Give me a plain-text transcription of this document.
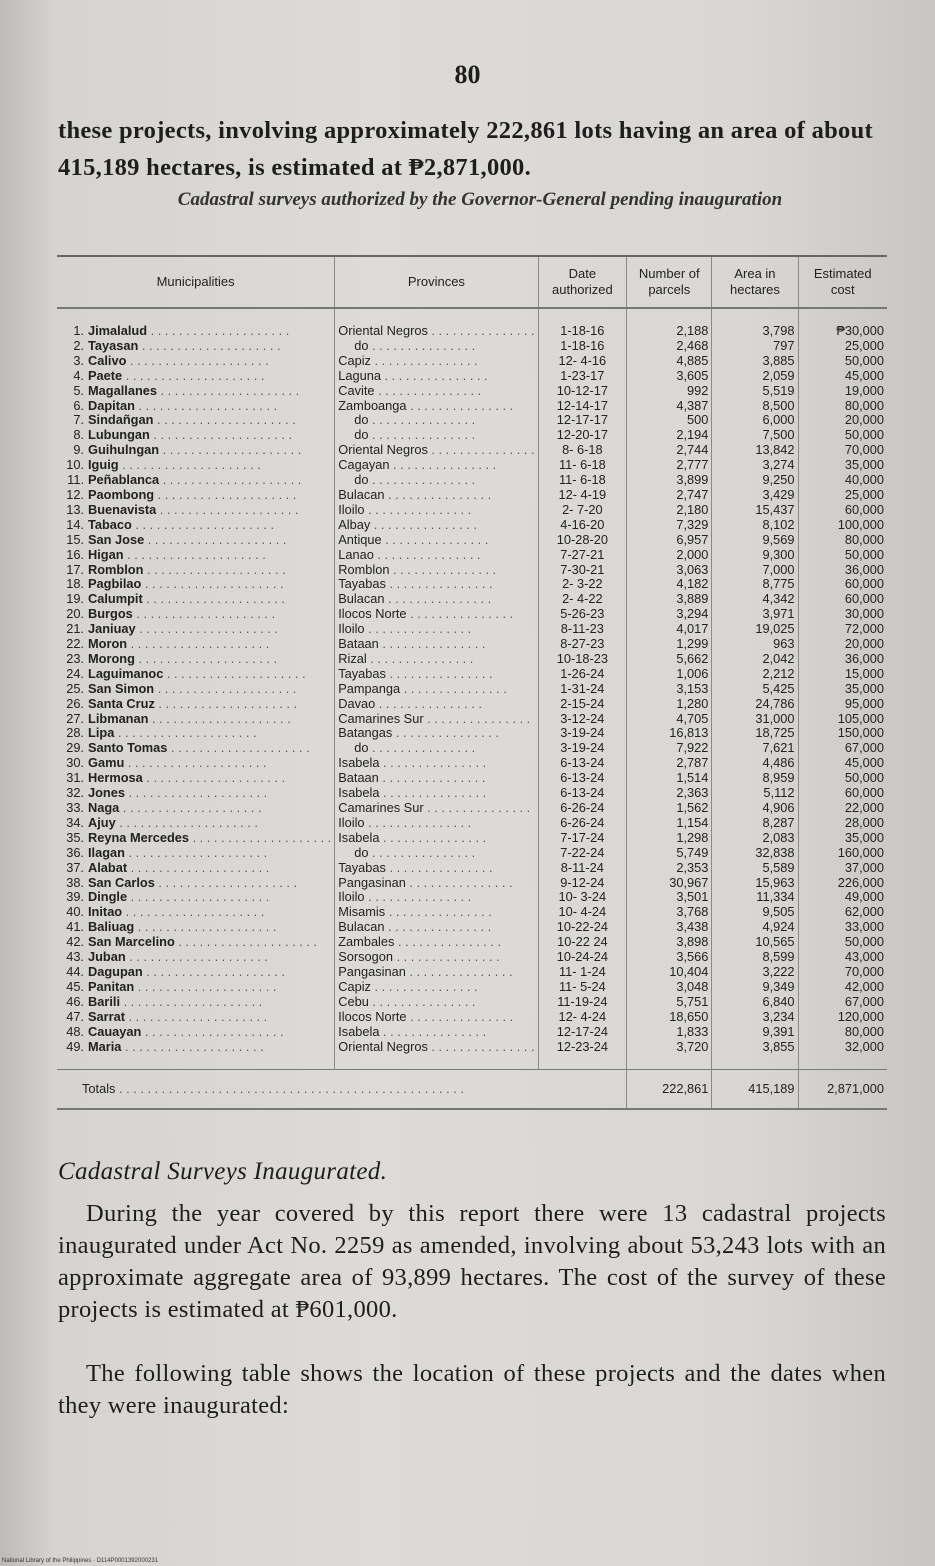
80
these projects, involving approximately 222,861 lots having an area of about 415,189 hectares, is estimated at ₱2,871,000.
Cadastral surveys authorized by the Governor-General pending inauguration
Municipalities	Provinces	Date authorized	Number of parcels	Area in hectares	Estimated cost

1. Jimalalud . . . . . . . . . . . . . . . . . . . .	Oriental Negros . . . . . . . . . . . . . . .	1-18-16	2,188	3,798	₱30,000
2. Tayasan . . . . . . . . . . . . . . . . . . . .	do . . . . . . . . . . . . . . .	1-18-16	2,468	797	25,000
3. Calivo . . . . . . . . . . . . . . . . . . . .	Capiz . . . . . . . . . . . . . . .	12- 4-16	4,885	3,885	50,000
4. Paete . . . . . . . . . . . . . . . . . . . .	Laguna . . . . . . . . . . . . . . .	1-23-17	3,605	2,059	45,000
5. Magallanes . . . . . . . . . . . . . . . . . . . .	Cavite . . . . . . . . . . . . . . .	10-12-17	992	5,519	19,000
6. Dapitan . . . . . . . . . . . . . . . . . . . .	Zamboanga . . . . . . . . . . . . . . .	12-14-17	4,387	8,500	80,000
7. Sindañgan . . . . . . . . . . . . . . . . . . . .	do . . . . . . . . . . . . . . .	12-17-17	500	6,000	20,000
8. Lubungan . . . . . . . . . . . . . . . . . . . .	do . . . . . . . . . . . . . . .	12-20-17	2,194	7,500	50,000
9. Guihulngan . . . . . . . . . . . . . . . . . . . .	Oriental Negros . . . . . . . . . . . . . . .	8- 6-18	2,744	13,842	70,000
10. Iguig . . . . . . . . . . . . . . . . . . . .	Cagayan . . . . . . . . . . . . . . .	11- 6-18	2,777	3,274	35,000
11. Peñablanca . . . . . . . . . . . . . . . . . . . .	do . . . . . . . . . . . . . . .	11- 6-18	3,899	9,250	40,000
12. Paombong . . . . . . . . . . . . . . . . . . . .	Bulacan . . . . . . . . . . . . . . .	12- 4-19	2,747	3,429	25,000
13. Buenavista . . . . . . . . . . . . . . . . . . . .	Iloilo . . . . . . . . . . . . . . .	2- 7-20	2,180	15,437	60,000
14. Tabaco . . . . . . . . . . . . . . . . . . . .	Albay . . . . . . . . . . . . . . .	4-16-20	7,329	8,102	100,000
15. San Jose . . . . . . . . . . . . . . . . . . . .	Antique . . . . . . . . . . . . . . .	10-28-20	6,957	9,569	80,000
16. Higan . . . . . . . . . . . . . . . . . . . .	Lanao . . . . . . . . . . . . . . .	7-27-21	2,000	9,300	50,000
17. Romblon . . . . . . . . . . . . . . . . . . . .	Romblon . . . . . . . . . . . . . . .	7-30-21	3,063	7,000	36,000
18. Pagbilao . . . . . . . . . . . . . . . . . . . .	Tayabas . . . . . . . . . . . . . . .	2- 3-22	4,182	8,775	60,000
19. Calumpit . . . . . . . . . . . . . . . . . . . .	Bulacan . . . . . . . . . . . . . . .	2- 4-22	3,889	4,342	60,000
20. Burgos . . . . . . . . . . . . . . . . . . . .	Ilocos Norte . . . . . . . . . . . . . . .	5-26-23	3,294	3,971	30,000
21. Janiuay . . . . . . . . . . . . . . . . . . . .	Iloilo . . . . . . . . . . . . . . .	8-11-23	4,017	19,025	72,000
22. Moron . . . . . . . . . . . . . . . . . . . .	Bataan . . . . . . . . . . . . . . .	8-27-23	1,299	963	20,000
23. Morong . . . . . . . . . . . . . . . . . . . .	Rizal . . . . . . . . . . . . . . .	10-18-23	5,662	2,042	36,000
24. Laguimanoc . . . . . . . . . . . . . . . . . . . .	Tayabas . . . . . . . . . . . . . . .	1-26-24	1,006	2,212	15,000
25. San Simon . . . . . . . . . . . . . . . . . . . .	Pampanga . . . . . . . . . . . . . . .	1-31-24	3,153	5,425	35,000
26. Santa Cruz . . . . . . . . . . . . . . . . . . . .	Davao . . . . . . . . . . . . . . .	2-15-24	1,280	24,786	95,000
27. Libmanan . . . . . . . . . . . . . . . . . . . .	Camarines Sur . . . . . . . . . . . . . . .	3-12-24	4,705	31,000	105,000
28. Lipa . . . . . . . . . . . . . . . . . . . .	Batangas . . . . . . . . . . . . . . .	3-19-24	16,813	18,725	150,000
29. Santo Tomas . . . . . . . . . . . . . . . . . . . .	do . . . . . . . . . . . . . . .	3-19-24	7,922	7,621	67,000
30. Gamu . . . . . . . . . . . . . . . . . . . .	Isabela . . . . . . . . . . . . . . .	6-13-24	2,787	4,486	45,000
31. Hermosa . . . . . . . . . . . . . . . . . . . .	Bataan . . . . . . . . . . . . . . .	6-13-24	1,514	8,959	50,000
32. Jones . . . . . . . . . . . . . . . . . . . .	Isabela . . . . . . . . . . . . . . .	6-13-24	2,363	5,112	60,000
33. Naga . . . . . . . . . . . . . . . . . . . .	Camarines Sur . . . . . . . . . . . . . . .	6-26-24	1,562	4,906	22,000
34. Ajuy . . . . . . . . . . . . . . . . . . . .	Iloilo . . . . . . . . . . . . . . .	6-26-24	1,154	8,287	28,000
35. Reyna Mercedes . . . . . . . . . . . . . . . . . . . .	Isabela . . . . . . . . . . . . . . .	7-17-24	1,298	2,083	35,000
36. Ilagan . . . . . . . . . . . . . . . . . . . .	do . . . . . . . . . . . . . . .	7-22-24	5,749	32,838	160,000
37. Alabat . . . . . . . . . . . . . . . . . . . .	Tayabas . . . . . . . . . . . . . . .	8-11-24	2,353	5,589	37,000
38. San Carlos . . . . . . . . . . . . . . . . . . . .	Pangasinan . . . . . . . . . . . . . . .	9-12-24	30,967	15,963	226,000
39. Dingle . . . . . . . . . . . . . . . . . . . .	Iloilo . . . . . . . . . . . . . . .	10- 3-24	3,501	11,334	49,000
40. Initao . . . . . . . . . . . . . . . . . . . .	Misamis . . . . . . . . . . . . . . .	10- 4-24	3,768	9,505	62,000
41. Baliuag . . . . . . . . . . . . . . . . . . . .	Bulacan . . . . . . . . . . . . . . .	10-22-24	3,438	4,924	33,000
42. San Marcelino . . . . . . . . . . . . . . . . . . . .	Zambales . . . . . . . . . . . . . . .	10-22 24	3,898	10,565	50,000
43. Juban . . . . . . . . . . . . . . . . . . . .	Sorsogon . . . . . . . . . . . . . . .	10-24-24	3,566	8,599	43,000
44. Dagupan . . . . . . . . . . . . . . . . . . . .	Pangasinan . . . . . . . . . . . . . . .	11- 1-24	10,404	3,222	70,000
45. Panitan . . . . . . . . . . . . . . . . . . . .	Capiz . . . . . . . . . . . . . . .	11- 5-24	3,048	9,349	42,000
46. Barili . . . . . . . . . . . . . . . . . . . .	Cebu . . . . . . . . . . . . . . .	11-19-24	5,751	6,840	67,000
47. Sarrat . . . . . . . . . . . . . . . . . . . .	Ilocos Norte . . . . . . . . . . . . . . .	12- 4-24	18,650	3,234	120,000
48. Cauayan . . . . . . . . . . . . . . . . . . . .	Isabela . . . . . . . . . . . . . . .	12-17-24	1,833	9,391	80,000
49. Maria . . . . . . . . . . . . . . . . . . . .	Oriental Negros . . . . . . . . . . . . . . .	12-23-24	3,720	3,855	32,000

Totals . . . . . . . . . . . . . . . . . . . . . . . . . . . . . . . . . . . . . . . . . . . . . . . . .			222,861	415,189	2,871,000
Cadastral Surveys Inaugurated.
During the year covered by this report there were 13 cadastral projects inaugurated under Act No. 2259 as amended, involving about 53,243 lots with an approximate aggregate area of 93,899 hectares. The cost of the survey of these projects is estimated at ₱601,000.
The following table shows the location of these projects and the dates when they were inaugurated:
National Library of the Philippines · D114P0001392000231
